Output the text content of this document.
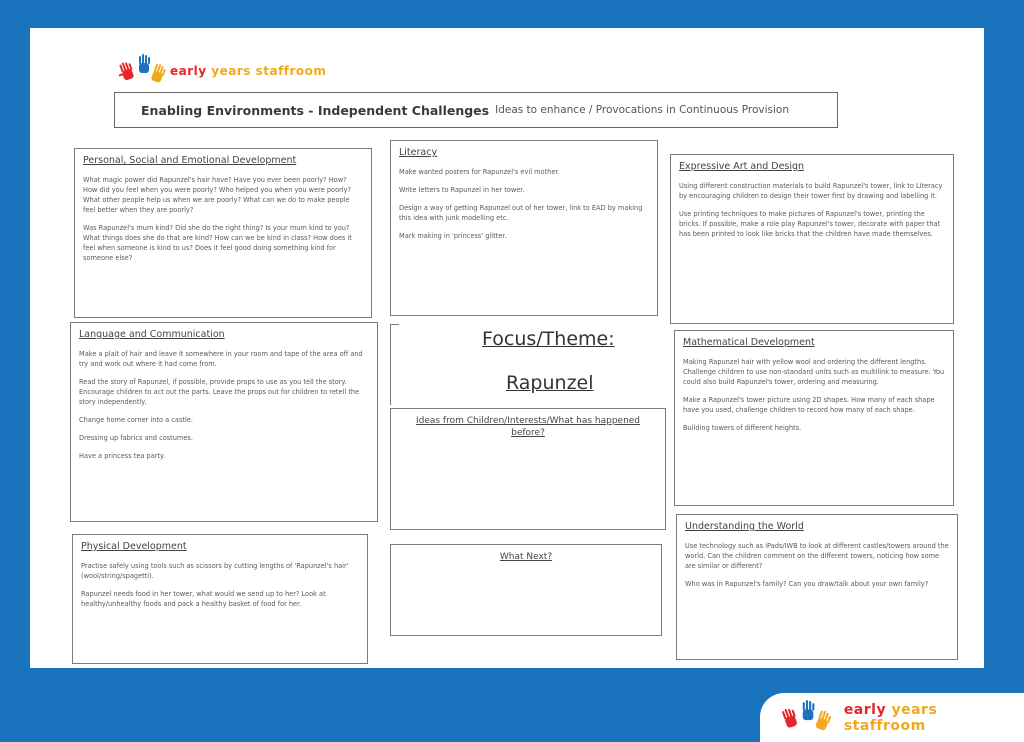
early years staffroom
Enabling Environments - Independent Challenges Ideas to enhance / Provocations in Continuous Provision
Personal, Social and Emotional Development

What magic power did Rapunzel's hair have? Have you ever been poorly? How? How did you feel when you were poorly? Who helped you when you were poorly? What other people help us when we are poorly? What can we do to make people feel better when they are poorly?

Was Rapunzel's mum kind? Did she do the right thing? Is your mum kind to you? What things does she do that are kind? How can we be kind in class? How does it feel when someone is kind to us? Does it feel good doing something kind for someone else?

Literacy

Make wanted posters for Rapunzel's evil mother.

Write letters to Rapunzel in her tower.

Design a way of getting Rapunzel out of her tower, link to EAD by making this idea with junk modelling etc.

Mark making in 'princess' glitter.

Expressive Art and Design

Using different construction materials to build Rapunzel's tower, link to Literacy by encouraging children to design their tower first by drawing and labelling it.

Use printing techniques to make pictures of Rapunzel's tower, printing the bricks. If possible, make a role play Rapunzel's tower, decorate with paper that has been printed to look like bricks that the children have made themselves.

Language and Communication

Make a plait of hair and leave it somewhere in your room and tape of the area off and try and work out where it had come from.

Read the story of Rapunzel, if possible, provide props to use as you tell the story. Encourage children to act out the parts. Leave the props out for children to retell the story independently.

Change home corner into a castle.

Dressing up fabrics and costumes.

Have a princess tea party.

Focus/Theme:
Rapunzel
Mathematical Development

Making Rapunzel hair with yellow wool and ordering the different lengths. Challenge children to use non-standard units such as multilink to measure. You could also build Rapunzel's tower, ordering and measuring.

Make a Rapunzel's tower picture using 2D shapes. How many of each shape have you used, challenge children to record how many of each shape.

Building towers of different heights.

Ideas from Children/Interests/What has happened before?
Physical Development

Practise safely using tools such as scissors by cutting lengths of 'Rapunzel's hair' (wool/string/spagetti).

Rapunzel needs food in her tower, what would we send up to her? Look at healthy/unhealthy foods and pack a healthy basket of food for her.

What Next?
Understanding the World

Use technology such as iPads/IWB to look at different castles/towers around the world. Can the children comment on the different towers, noticing how some are similar or different?

Who was in Rapunzel's family? Can you draw/talk about your own family?

early years staffroom
